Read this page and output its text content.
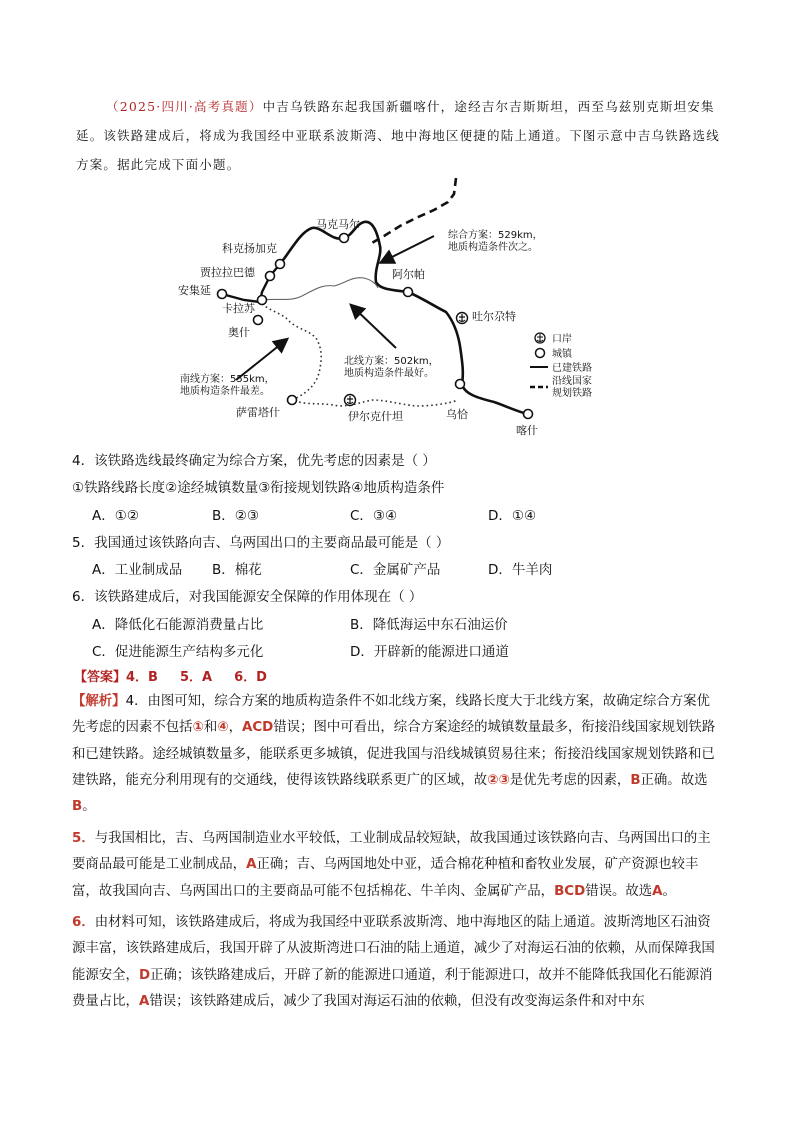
（2025·四川·高考真题）中吉乌铁路东起我国新疆喀什，途经吉尔吉斯斯坦，西至乌兹别克斯坦安集延。该铁路建成后，将成为我国经中亚联系波斯湾、地中海地区便捷的陆上通道。下图示意中吉乌铁路选线方案。据此完成下面小题。

马克马尔
科克扬加克
贾拉拉巴德
安集延
卡拉苏
奥什
阿尔帕
吐尔尕特
萨雷塔什	伊尔克什坦	乌恰
喀什
综合方案：529km，
地质构造条件次之。
北线方案：502km，
地质构造条件最好。
南线方案：555km，
地质构造条件最差。
口岸
城镇
已建铁路
沿线国家
规划铁路

4．该铁路选线最终确定为综合方案，优先考虑的因素是（ ）

①铁路线路长度②途经城镇数量③衔接规划铁路④地质构造条件

A．①②	B．②③	C．③④	D．①④

5．我国通过该铁路向吉、乌两国出口的主要商品最可能是（ ）

A．工业制成品 B．棉花	C．金属矿产品	D．牛羊肉

6．该铁路建成后，对我国能源安全保障的作用体现在（ ）

A．降低化石能源消费量占比	B．降低海运中东石油运价

C．促进能源生产结构多元化	D．开辟新的能源进口通道

【答案】4．B 5．A 6．D

【解析】4．由图可知，综合方案的地质构造条件不如北线方案，线路长度大于北线方案，故确定综合方案优先考虑的因素不包括①和④，ACD错误；图中可看出，综合方案途经的城镇数量最多，衔接沿线国家规划铁路和已建铁路。途经城镇数量多，能联系更多城镇，促进我国与沿线城镇贸易往来；衔接沿线国家规划铁路和已建铁路，能充分利用现有的交通线，使得该铁路线联系更广的区域，故②③是优先考虑的因素，B正确。故选B。

5．与我国相比，吉、乌两国制造业水平较低，工业制成品较短缺，故我国通过该铁路向吉、乌两国出口的主要商品最可能是工业制成品，A正确；吉、乌两国地处中亚，适合棉花种植和畜牧业发展，矿产资源也较丰富，故我国向吉、乌两国出口的主要商品可能不包括棉花、牛羊肉、金属矿产品，BCD错误。故选A。

6．由材料可知，该铁路建成后，将成为我国经中亚联系波斯湾、地中海地区的陆上通道。波斯湾地区石油资源丰富，该铁路建成后，我国开辟了从波斯湾进口石油的陆上通道，减少了对海运石油的依赖，从而保障我国能源安全，D正确；该铁路建成后，开辟了新的能源进口通道，利于能源进口，故并不能降低我国化石能源消费量占比，A错误；该铁路建成后，减少了我国对海运石油的依赖，但没有改变海运条件和对中东
